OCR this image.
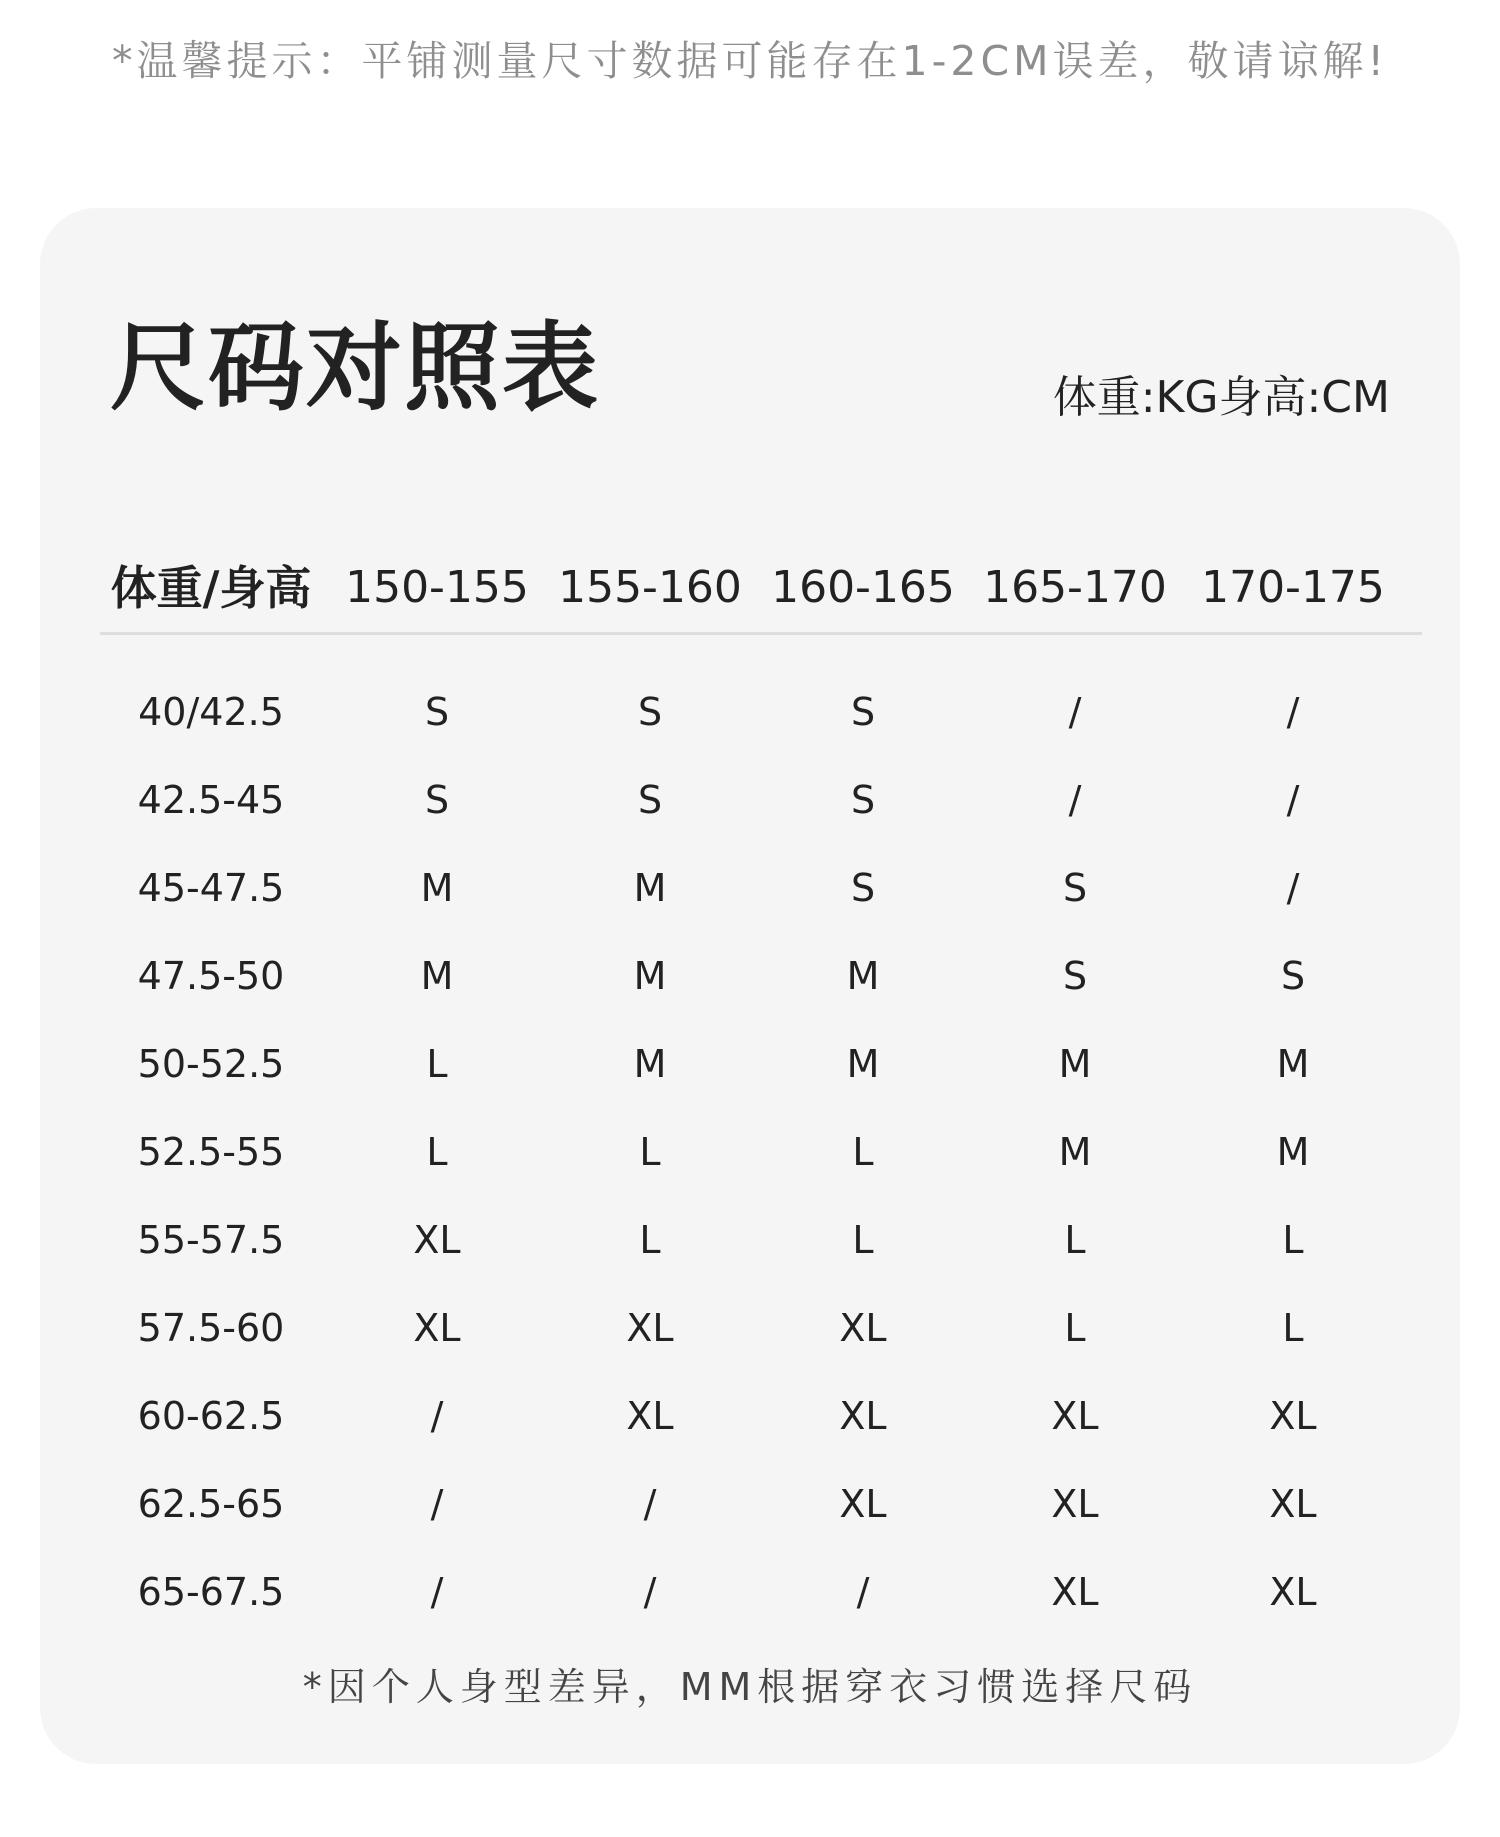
*温馨提示：平铺测量尺寸数据可能存在1-2CM误差，敬请谅解!
尺码对照表	体重:KG身高:CM
体重/身高 150-155 155-160 160-165 165-170 170-175
40/42.5	S	S	S	/	/
42.5-45	S	S	S	/	/
45-47.5	M	M	S	S	/
47.5-50	M	M	M	S	S
50-52.5	L	M	M	M	M
52.5-55	L	L	L	M	M
55-57.5	XL	L	L	L	L
57.5-60	XL	XL	XL	L	L
60-62.5	/	XL	XL	XL	XL
62.5-65	/	/	XL	XL	XL
65-67.5	/	/	/	XL	XL
*因个人身型差异，MM根据穿衣习惯选择尺码
